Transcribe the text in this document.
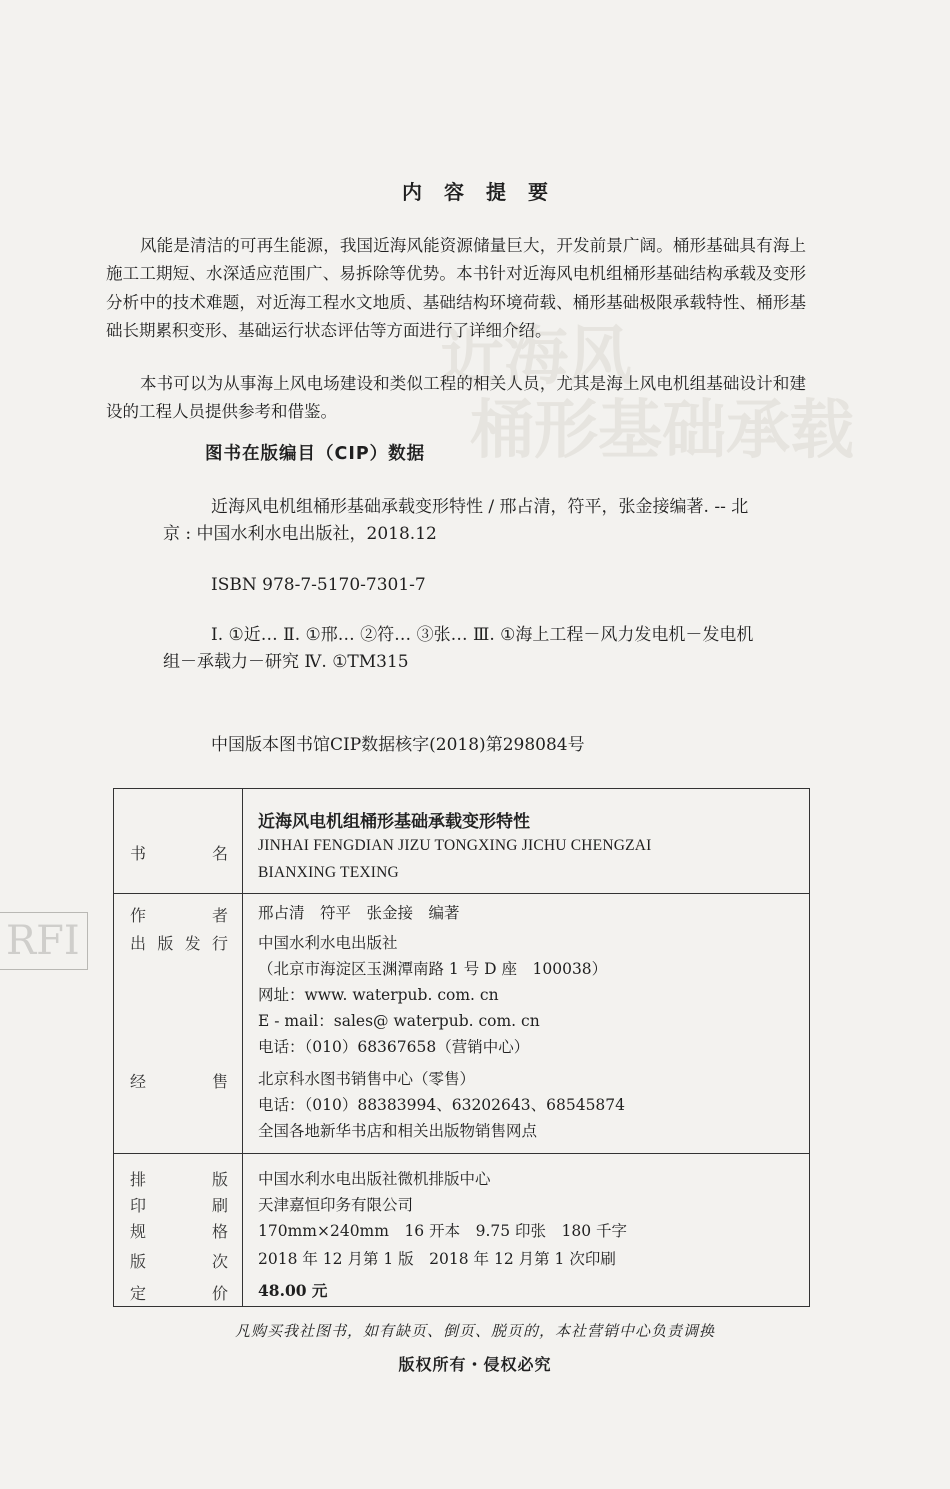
近海风
桶形基础承载
RFI
内容提要

风能是清洁的可再生能源，我国近海风能资源储量巨大，开发前景广阔。桶形基础具有海上施工工期短、水深适应范围广、易拆除等优势。本书针对近海风电机组桶形基础结构承载及变形分析中的技术难题，对近海工程水文地质、基础结构环境荷载、桶形基础极限承载特性、桶形基础长期累积变形、基础运行状态评估等方面进行了详细介绍。

本书可以为从事海上风电场建设和类似工程的相关人员，尤其是海上风电机组基础设计和建设的工程人员提供参考和借鉴。

图书在版编目（CIP）数据

近海风电机组桶形基础承载变形特性 / 邢占清，符平，张金接编著. -- 北京 : 中国水利水电出版社，2018.12

ISBN 978-7-5170-7301-7

Ⅰ. ①近… Ⅱ. ①邢… ②符… ③张… Ⅲ. ①海上工程－风力发电机－发电机组－承载力－研究 Ⅳ. ①TM315

中国版本图书馆CIP数据核字(2018)第298084号
书	名
近海风电机组桶形基础承载变形特性
JINHAI FENGDIAN JIZU TONGXING JICHU CHENGZAI
BIANXING TEXING
作	者 邢占清　符平　张金接　编著
出 版 发 行 中国水利水电出版社
（北京市海淀区玉渊潭南路 1 号 D 座　100038）
网址：www. waterpub. com. cn
E - mail：sales@ waterpub. com. cn
电话：（010）68367658（营销中心）
经	售 北京科水图书销售中心（零售）
电话：（010）88383994、63202643、68545874
全国各地新华书店和相关出版物销售网点
排	版 中国水利水电出版社微机排版中心
印	刷 天津嘉恒印务有限公司
规	格 170mm×240mm　16 开本　9.75 印张　180 千字
版	次 2018 年 12 月第 1 版　2018 年 12 月第 1 次印刷
定	价 48.00 元
凡购买我社图书，如有缺页、倒页、脱页的，本社营销中心负责调换
版权所有・侵权必究
